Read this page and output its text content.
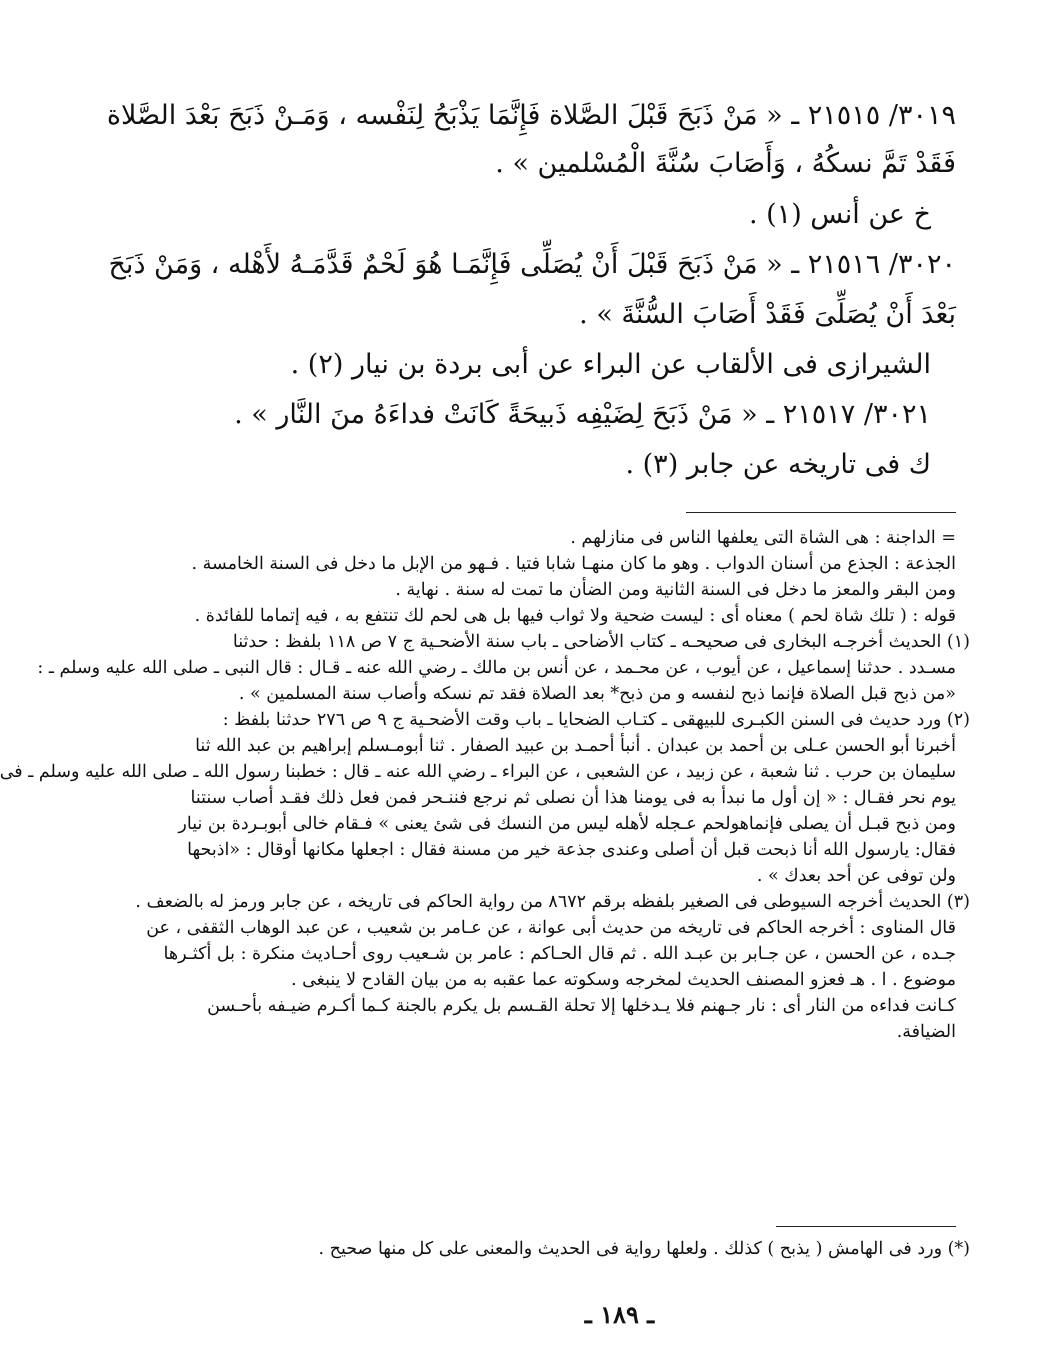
٣٠١٩/ ٢١٥١٥ ـ « مَنْ ذَبَحَ قَبْلَ الصَّلاة فَإِنَّمَا يَذْبَحُ لِنَفْسه ، وَمَـنْ ذَبَحَ بَعْدَ الصَّلاة
فَقَدْ تَمَّ نسكُهُ ، وَأَصَابَ سُنَّةَ الْمُسْلمين » .
خ عن أنس (١) .
٣٠٢٠/ ٢١٥١٦ ـ « مَنْ ذَبَحَ قَبْلَ أَنْ يُصَلِّى فَإِنَّمَـا هُوَ لَحْمٌ قَدَّمَـهُ لأَهْله ، وَمَنْ ذَبَحَ
بَعْدَ أَنْ يُصَلِّىَ فَقَدْ أَصَابَ السُّنَّةَ » .
الشيرازى فى الألقاب عن البراء عن أبى بردة بن نيار (٢) .
٣٠٢١/ ٢١٥١٧ ـ « مَنْ ذَبَحَ لِضَيْفِه ذَبيحَةً كَانَتْ فداءَهُ منَ النَّار » .
ك فى تاريخه عن جابر (٣) .
= الداجنة : هى الشاة التى يعلفها الناس فى منازلهم .
الجذعة : الجذع من أسنان الدواب . وهو ما كان منهـا شابا فتيا . فـهو من الإبل ما دخل فى السنة الخامسة .
ومن البقر والمعز ما دخل فى السنة الثانية ومن الضأن ما تمت له سنة . نهاية .
قوله : ( تلك شاة لحم ) معناه أى : ليست ضحية ولا ثواب فيها بل هى لحم لك تنتفع به ، فيه إتماما للفائدة .
(١) الحديث أخرجـه البخارى فى صحيحـه ـ كتاب الأضاحى ـ باب سنة الأضحـية ج ٧ ص ١١٨ بلفظ : حدثنا
مسـدد . حدثنا إسماعيل ، عن أيوب ، عن محـمد ، عن أنس بن مالك ـ رضي الله عنه ـ قـال : قال النبى ـ صلى الله عليه وسلم ـ :
«من ذبح قبل الصلاة فإنما ذبح لنفسه و من ذبح* بعد الصلاة فقد تم نسكه وأصاب سنة المسلمين » .
(٢) ورد حديث فى السنن الكبـرى للبيهقى ـ كتـاب الضحايا ـ باب وقت الأضحـية ج ٩ ص ٢٧٦ حدثنا بلفظ :
أخبرنا أبو الحسن عـلى بن أحمد بن عبدان . أنبأ أحمـد بن عبيد الصفار . ثنا أبومـسلم إبراهيم بن عبد الله ثنا
سليمان بن حرب . ثنا شعبة ، عن زبيد ، عن الشعبى ، عن البراء ـ رضي الله عنه ـ قال : خطبنا رسول الله ـ صلى الله عليه وسلم ـ فى
يوم نحر فقـال : « إن أول ما نبدأ به فى يومنا هذا أن نصلى ثم نرجع فننـحر فمن فعل ذلك فقـد أصاب سنتنا
ومن ذبح قبـل أن يصلى فإنماهولحم عـجله لأهله ليس من النسك فى شئ يعنى » فـقام خالى أبوبـردة بن نيار
فقال: يارسول الله أنا ذبحت قبل أن أصلى وعندى جذعة خير من مسنة فقال : اجعلها مكانها أوقال : «اذبحها
ولن توفى عن أحد بعدك » .
(٣) الحديث أخرجه السيوطى فى الصغير بلفظه برقم ٨٦٧٢ من رواية الحاكم فى تاريخه ، عن جابر ورمز له بالضعف .
قال المناوى : أخرجه الحاكم فى تاريخه من حديث أبى عوانة ، عن عـامر بن شعيب ، عن عبد الوهاب الثقفى ، عن
جـده ، عن الحسن ، عن جـابر بن عبـد الله . ثم قال الحـاكم : عامر بن شـعيب روى أحـاديث منكرة : بل أكثـرها
موضوع . ا . هـ فعزو المصنف الحديث لمخرجه وسكوته عما عقبه به من بيان القادح لا ينبغى .
كـانت فداءه من النار أى : نار جـهنم فلا يـدخلها إلا تحلة القـسم بل يكرم بالجنة كـما أكـرم ضيـفه بأحـسن
الضيافة.
(*) ورد فى الهامش ( يذبح ) كذلك . ولعلها رواية فى الحديث والمعنى على كل منها صحيح .
ـ ١٨٩ ـ
